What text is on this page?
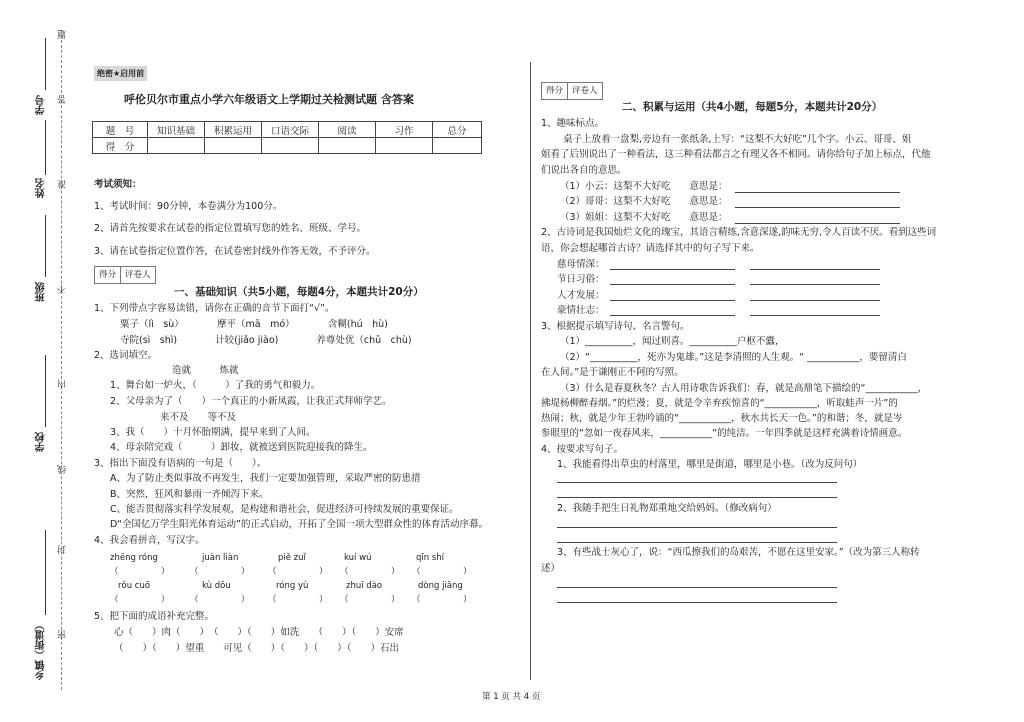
题
答
准
不
内
线
封
密
学号
姓名
班级
学校
乡镇（街道）
绝密★启用前
呼伦贝尔市重点小学六年级语文上学期过关检测试题 含答案
题　号	知识基础	积累运用	口语交际	阅读	习作	总分
得　分						
考试须知：
1、考试时间：90分钟，本卷满分为100分。
2、请首先按要求在试卷的指定位置填写您的姓名、班级、学号。
3、请在试卷指定位置作答，在试卷密封线外作答无效，不予评分。
得分	评卷人
一、基础知识（共5小题，每题4分，本题共计20分）
1、下列带点字容易读错，请你在正确的音节下面打“√”。
粟子（lì　sù）　　　　摩平（mā　mó）　　　　含糊(hú　hù)
寺院(sì　shì)　　　　计较(jiǎo jiào)　　　　养尊处优（chǔ　chù)
2、选词填空。
造就　　　炼就
1、舞台如一炉火，（　　　）了我的勇气和毅力。
2、父母亲为了（　　）一个真正的小新凤霞，让我正式拜师学艺。
来不及　　等不及
3、我（　　）十月怀胎期满，提早来到了人间。
4、母亲陪完戏（　　　）卸妆，就被送到医院迎接我的降生。
3、指出下面没有语病的一句是（　　）。
A、为了防止类似事故不再发生，我们一定要加强管理，采取严密的防患措
B、突然，狂风和暴雨一齐倾泻下来。
C、能否贯彻落实科学发展观，是构建和谐社会，促进经济可持续发展的重要保证。
D“全国亿万学生阳光体育运动”的正式启动，开拓了全国一项大型群众性的体育活动序幕。
4、我会看拼音，写汉字。
zhēng róng	juàn liàn	piě zuǐ	kuí wú	qīn shí
（　　　　　） （　　　　　） （　　　　　） （　　　　　） （　　　　　）
rǒu cuō	kù dōu	róng yù	zhuī dào	dòng jiāng
（　　　　　） （　　　　　） （　　　　　） （　　　　　） （　　　　　）
5、把下面的成语补充完整。
心（　　）肉（　　）　（　　）（　　）如洗　　（　　）（　　）安席
（　　）（　　）望重　　可见（　　）（　　）（　　）（　　）石出
得分	评卷人
二、积累与运用（共4小题，每题5分，本题共计20分）
1、趣味标点。
桌子上放着一盘梨,旁边有一张纸条,上写：“这梨不大好吃”几个字。小云、哥哥、姐
姐看了后别说出了一种看法，这三种看法都言之有理又各不相同。请你给句子加上标点，代他
们说出各自的意思。
（1）小云：这梨不大好吃　　意思是：
（2）哥哥：这梨不大好吃　　意思是：
（3）姐姐：这梨不大好吃　　意思是：
2、古诗词是我国灿烂文化的瑰宝，其语言精练,含意深遂,韵味无穷,令人百读不厌。看到这些词
语，你会想起哪首古诗？请选择其中的句子写下来。
慈母情深：
节日习俗：
人才发展：
豪情壮志：
3、根据提示填写诗句、名言警句。
（1）__________，闻过则喜。__________户枢不蠹，
（2）“__________，死亦为鬼雄。”这是李清照的人生观。“ ___________，要留清白
在人间。”是于谦刚正不阿的写照。
（3）什么是春夏秋冬？古人用诗歌告诉我们：春，就是高鼎笔下描绘的“___________，
拂堤杨柳醉春烟。”的烂漫；夏，就是令辛弃疾惊喜的“___________，听取蛙声一片”的
热闹；秋，就是少年王勃吟诵的“___________，秋水共长天一色。”的和谐；冬，就是岑
参眼里的“忽如一夜春风来，___________”的纯洁。一年四季就是这样充满着诗情画意。
4、按要求写句子。
1、我能看得出草虫的村落里，哪里是街道，哪里是小巷。（改为反问句）
2、我随手把生日礼物郑重地交给妈妈。（修改病句）
3、有些战士灰心了，说：“西瓜擦我们的岛艰苦，不愿在这里安家。”（改为第三人称转
述）
第 1 页 共 4 页
